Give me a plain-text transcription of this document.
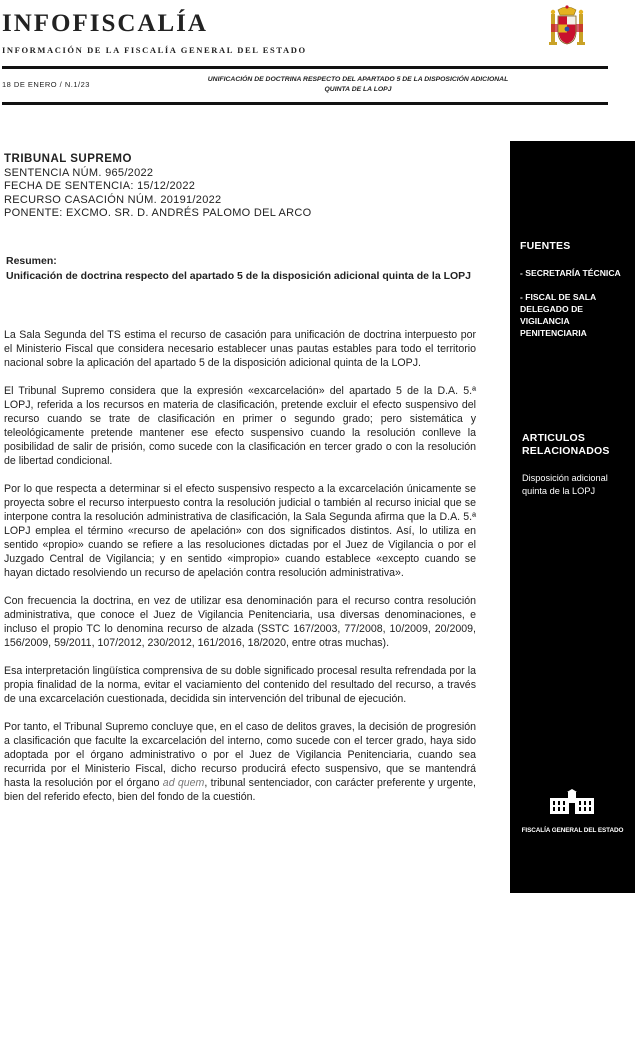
INFOFISCALÍA
INFORMACIÓN DE LA FISCALÍA GENERAL DEL ESTADO
18 DE ENERO / N.1/23
UNIFICACIÓN DE DOCTRINA RESPECTO DEL APARTADO 5 DE LA DISPOSICIÓN ADICIONAL QUINTA DE LA LOPJ
TRIBUNAL SUPREMO
SENTENCIA NÚM. 965/2022
FECHA DE SENTENCIA: 15/12/2022
RECURSO CASACIÓN NÚM. 20191/2022
PONENTE: EXCMO. SR. D. ANDRÉS PALOMO DEL ARCO
Resumen:
Unificación de doctrina respecto del apartado 5 de la disposición adicional quinta de la LOPJ

La Sala Segunda del TS estima el recurso de casación para unificación de doctrina interpuesto por el Ministerio Fiscal que considera necesario establecer unas pautas estables para todo el territorio nacional sobre la aplicación del apartado 5 de la disposición adicional quinta de la LOPJ.

El Tribunal Supremo considera que la expresión «excarcelación» del apartado 5 de la D.A. 5.ª LOPJ, referida a los recursos en materia de clasificación, pretende excluir el efecto suspensivo del recurso cuando se trate de clasificación en primer o segundo grado; pero sistemática y teleológicamente pretende mantener ese efecto suspensivo cuando la resolución conlleve la posibilidad de salir de prisión, como sucede con la clasificación en tercer grado o con la resolución de libertad condicional.

Por lo que respecta a determinar si el efecto suspensivo respecto a la excarcelación únicamente se proyecta sobre el recurso interpuesto contra la resolución judicial o también al recurso inicial que se interpone contra la resolución administrativa de clasificación, la Sala Segunda afirma que la D.A. 5.ª LOPJ emplea el término «recurso de apelación» con dos significados distintos. Así, lo utiliza en sentido «propio» cuando se refiere a las resoluciones dictadas por el Juez de Vigilancia o por el Juzgado Central de Vigilancia; y en sentido «impropio» cuando establece «excepto cuando se hayan dictado resolviendo un recurso de apelación contra resolución administrativa».

Con frecuencia la doctrina, en vez de utilizar esa denominación para el recurso contra resolución administrativa, que conoce el Juez de Vigilancia Penitenciaria, usa diversas denominaciones, e incluso el propio TC lo denomina recurso de alzada (SSTC 167/2003, 77/2008, 10/2009, 20/2009, 156/2009, 59/2011, 107/2012, 230/2012, 161/2016, 18/2020, entre otras muchas).

Esa interpretación lingüística comprensiva de su doble significado procesal resulta refrendada por la propia finalidad de la norma, evitar el vaciamiento del contenido del resultado del recurso, a través de una excarcelación cuestionada, decidida sin intervención del tribunal de ejecución.

Por tanto, el Tribunal Supremo concluye que, en el caso de delitos graves, la decisión de progresión a clasificación que faculte la excarcelación del interno, como sucede con el tercer grado, haya sido adoptada por el órgano administrativo o por el Juez de Vigilancia Penitenciaria, cuando sea recurrida por el Ministerio Fiscal, dicho recurso producirá efecto suspensivo, que se mantendrá hasta la resolución por el órgano ad quem, tribunal sentenciador, con carácter preferente y urgente, bien del referido efecto, bien del fondo de la cuestión.

FUENTES
- SECRETARÍA TÉCNICA
- FISCAL DE SALA DELEGADO DE VIGILANCIA PENITENCIARIA
ARTICULOS RELACIONADOS
Disposición adicional quinta de la LOPJ
FISCALÍA GENERAL DEL ESTADO
